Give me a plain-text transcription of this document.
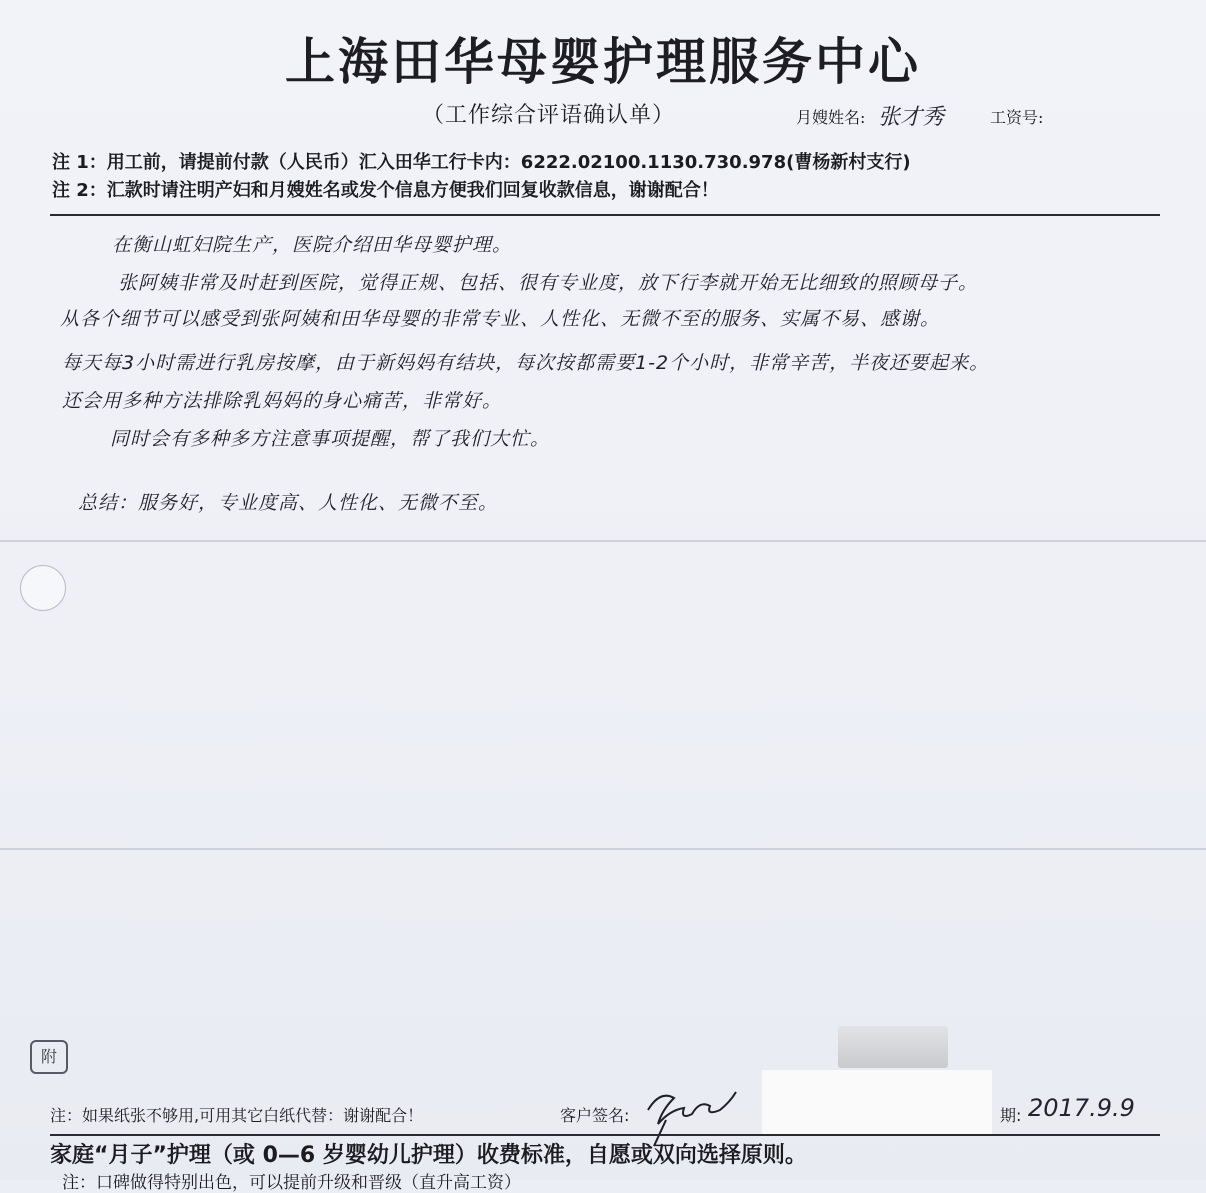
上海田华母婴护理服务中心
（工作综合评语确认单）	月嫂姓名: 张才秀	工资号:
注 1：用工前，请提前付款（人民币）汇入田华工行卡内：6222.02100.1130.730.978(曹杨新村支行)
注 2：汇款时请注明产妇和月嫂姓名或发个信息方便我们回复收款信息，谢谢配合！
在衡山虹妇院生产，医院介绍田华母婴护理。
张阿姨非常及时赶到医院，觉得正规、包括、很有专业度，放下行李就开始无比细致的照顾母子。
从各个细节可以感受到张阿姨和田华母婴的非常专业、人性化、无微不至的服务、实属不易、感谢。
每天每3小时需进行乳房按摩，由于新妈妈有结块，每次按都需要1-2个小时，非常辛苦，半夜还要起来。
还会用多种方法排除乳妈妈的身心痛苦，非常好。
同时会有多种多方注意事项提醒，帮了我们大忙。
总结：服务好，专业度高、人性化、无微不至。
附
注：如果纸张不够用,可用其它白纸代替：谢谢配合！	客户签名:	期: 2017.9.9
家庭“月子”护理（或 0—6 岁婴幼儿护理）收费标准，自愿或双向选择原则。
注：口碑做得特别出色，可以提前升级和晋级（直升高工资）
